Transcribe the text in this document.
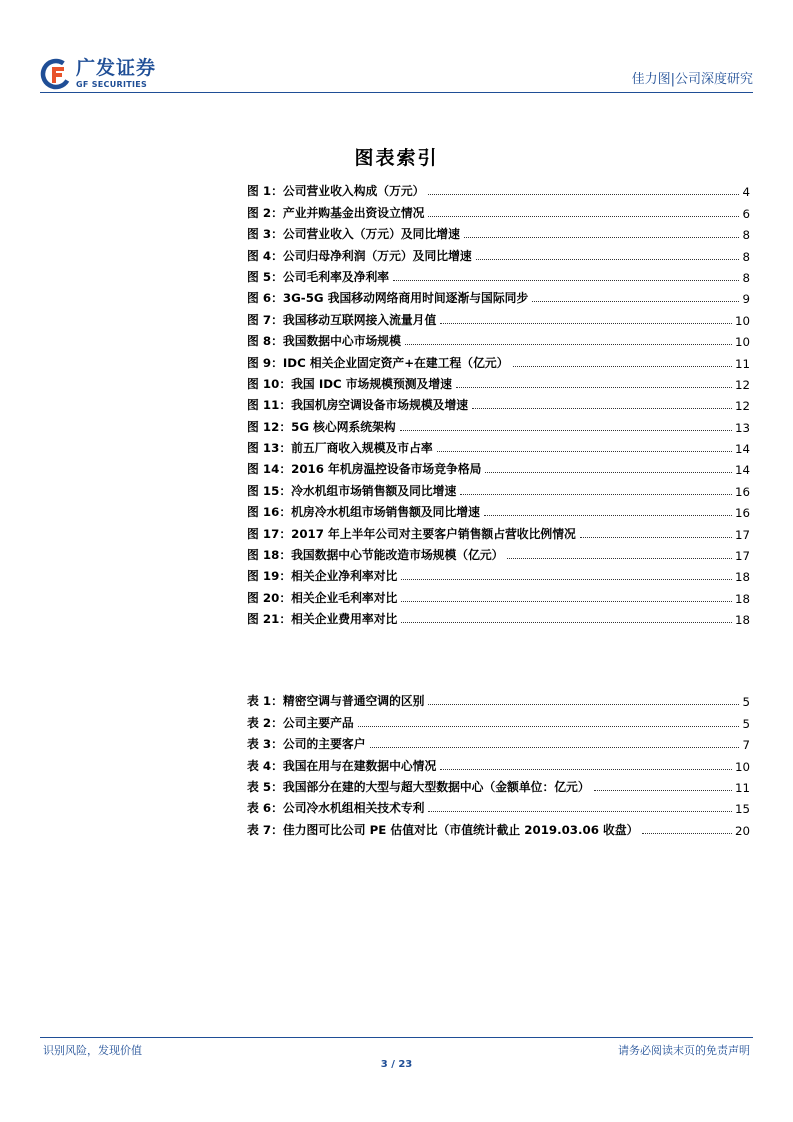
广发证券
GF SECURITIES	佳力图|公司深度研究
图表索引
图 1：公司营业收入构成（万元）	4
图 2：产业并购基金出资设立情况	6
图 3：公司营业收入（万元）及同比增速	8
图 4：公司归母净利润（万元）及同比增速	8
图 5：公司毛利率及净利率	8
图 6：3G-5G 我国移动网络商用时间逐渐与国际同步	9
图 7：我国移动互联网接入流量月值	10
图 8：我国数据中心市场规模	10
图 9：IDC 相关企业固定资产+在建工程（亿元）	11
图 10：我国 IDC 市场规模预测及增速	12
图 11：我国机房空调设备市场规模及增速	12
图 12：5G 核心网系统架构	13
图 13：前五厂商收入规模及市占率	14
图 14：2016 年机房温控设备市场竞争格局	14
图 15：冷水机组市场销售额及同比增速	16
图 16：机房冷水机组市场销售额及同比增速	16
图 17：2017 年上半年公司对主要客户销售额占营收比例情况	17
图 18：我国数据中心节能改造市场规模（亿元）	17
图 19：相关企业净利率对比	18
图 20：相关企业毛利率对比	18
图 21：相关企业费用率对比	18
表 1：精密空调与普通空调的区别	5
表 2：公司主要产品	5
表 3：公司的主要客户	7
表 4：我国在用与在建数据中心情况	10
表 5：我国部分在建的大型与超大型数据中心（金额单位：亿元）	11
表 6：公司冷水机组相关技术专利	15
表 7：佳力图可比公司 PE 估值对比（市值统计截止 2019.03.06 收盘）	20
识别风险，发现价值	请务必阅读末页的免责声明
3 / 23
